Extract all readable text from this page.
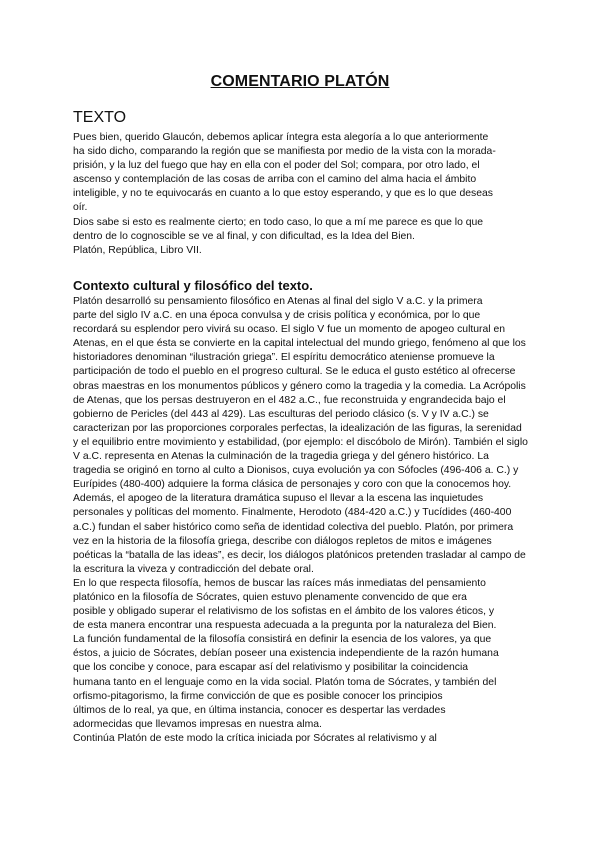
COMENTARIO PLATÓN
TEXTO
Pues bien, querido Glaucón, debemos aplicar íntegra esta alegoría a lo que anteriormente
ha sido dicho, comparando la región que se manifiesta por medio de la vista con la morada-
prisión, y la luz del fuego que hay en ella con el poder del Sol; compara, por otro lado, el
ascenso y contemplación de las cosas de arriba con el camino del alma hacia el ámbito
inteligible, y no te equivocarás en cuanto a lo que estoy esperando, y que es lo que deseas
oír.
Dios sabe si esto es realmente cierto; en todo caso, lo que a mí me parece es que lo que
dentro de lo cognoscible se ve al final, y con dificultad, es la Idea del Bien.
Platón, República, Libro VII.
Contexto cultural y filosófico del texto.
Platón desarrolló su pensamiento filosófico en Atenas al final del siglo V a.C. y la primera
parte del siglo IV a.C. en una época convulsa y de crisis política y económica, por lo que
recordará su esplendor pero vivirá su ocaso. El siglo V fue un momento de apogeo cultural en
Atenas, en el que ésta se convierte en la capital intelectual del mundo griego, fenómeno al que los
historiadores denominan “ilustración griega”. El espíritu democrático ateniense promueve la
participación de todo el pueblo en el progreso cultural. Se le educa el gusto estético al ofrecerse
obras maestras en los monumentos públicos y género como la tragedia y la comedia. La Acrópolis
de Atenas, que los persas destruyeron en el 482 a.C., fue reconstruida y engrandecida bajo el
gobierno de Pericles (del 443 al 429). Las esculturas del periodo clásico (s. V y IV a.C.) se
caracterizan por las proporciones corporales perfectas, la idealización de las figuras, la serenidad
y el equilibrio entre movimiento y estabilidad, (por ejemplo: el discóbolo de Mirón). También el siglo
V a.C. representa en Atenas la culminación de la tragedia griega y del género histórico. La
tragedia se originó en torno al culto a Dionisos, cuya evolución ya con Sófocles (496-406 a. C.) y
Eurípides (480-400) adquiere la forma clásica de personajes y coro con que la conocemos hoy.
Además, el apogeo de la literatura dramática supuso el llevar a la escena las inquietudes
personales y políticas del momento. Finalmente, Herodoto (484-420 a.C.) y Tucídides (460-400
a.C.) fundan el saber histórico como seña de identidad colectiva del pueblo. Platón, por primera
vez en la historia de la filosofía griega, describe con diálogos repletos de mitos e imágenes
poéticas la “batalla de las ideas”, es decir, los diálogos platónicos pretenden trasladar al campo de
la escritura la viveza y contradicción del debate oral.
En lo que respecta filosofía, hemos de buscar las raíces más inmediatas del pensamiento
platónico en la filosofía de Sócrates, quien estuvo plenamente convencido de que era
posible y obligado superar el relativismo de los sofistas en el ámbito de los valores éticos, y
de esta manera encontrar una respuesta adecuada a la pregunta por la naturaleza del Bien.
La función fundamental de la filosofía consistirá en definir la esencia de los valores, ya que
éstos, a juicio de Sócrates, debían poseer una existencia independiente de la razón humana
que los concibe y conoce, para escapar así del relativismo y posibilitar la coincidencia
humana tanto en el lenguaje como en la vida social. Platón toma de Sócrates, y también del
orfismo-pitagorismo, la firme convicción de que es posible conocer los principios
últimos de lo real, ya que, en última instancia, conocer es despertar las verdades
adormecidas que llevamos impresas en nuestra alma.
Continúa Platón de este modo la crítica iniciada por Sócrates al relativismo y al
